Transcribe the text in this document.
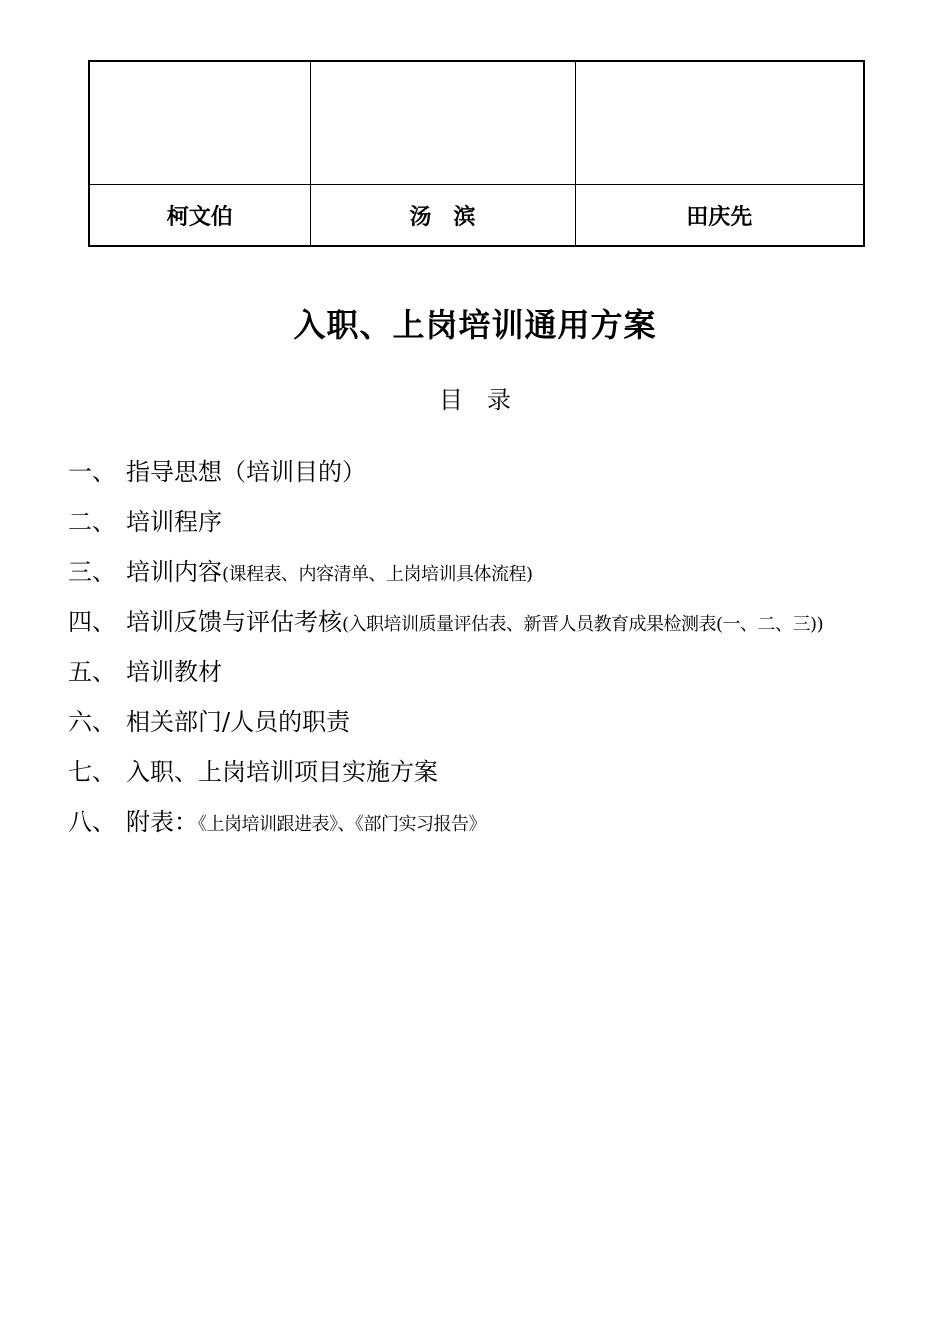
柯文伯	汤　滨	田庆先
入职、上岗培训通用方案
目　录
一、 指导思想（培训目的）
二、 培训程序
三、 培训内容(课程表、内容清单、上岗培训具体流程)
四、 培训反馈与评估考核(入职培训质量评估表、新晋人员教育成果检测表(一、二、三))
五、 培训教材
六、 相关部门/人员的职责
七、 入职、上岗培训项目实施方案
八、 附表：《上岗培训跟进表》、《部门实习报告》
